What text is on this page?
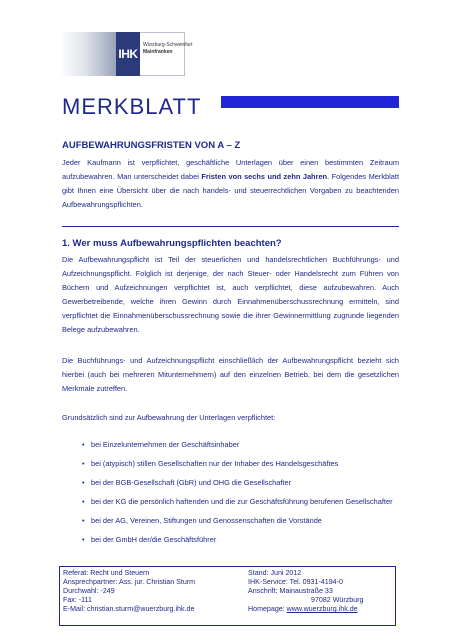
IHK
Würzburg-Schweinfurt
Mainfranken
MERKBLATT	Recht und Steuern
AUFBEWAHRUNGSFRISTEN VON A – Z
Jeder Kaufmann ist verpflichtet, geschäftliche Unterlagen über einen bestimmten Zeitraum aufzubewahren. Man unterscheidet dabei Fristen von sechs und zehn Jahren. Folgendes Merkblatt gibt Ihnen eine Übersicht über die nach handels- und steuerrechtlichen Vorgaben zu beachtenden Aufbewahrungspflichten.
1. Wer muss Aufbewahrungspflichten beachten?
Die Aufbewahrungspflicht ist Teil der steuerlichen und handelsrechtlichen Buchführungs- und Aufzeichnungspflicht. Folglich ist derjenige, der nach Steuer- oder Handelsrecht zum Führen von Büchern und Aufzeichnungen verpflichtet ist, auch verpflichtet, diese aufzubewahren. Auch Gewerbetreibende, welche ihren Gewinn durch Einnahmenüberschussrechnung ermitteln, sind verpflichtet die Einnahmenüberschussrechnung sowie die ihrer Gewinnermittlung zugrunde liegenden Belege aufzubewahren.
Die Buchführungs- und Aufzeichnungspflicht einschließlich der Aufbewahrungspflicht bezieht sich hierbei (auch bei mehreren Mitunternehmern) auf den einzelnen Betrieb, bei dem die gesetzlichen Merkmale zutreffen.
Grundsätzlich sind zur Aufbewahrung der Unterlagen verpflichtet:
• bei Einzelunternehmen der Geschäftsinhaber
• bei (atypisch) stillen Gesellschaften nur der Inhaber des Handelsgeschäftes
• bei der BGB-Gesellschaft (GbR) und OHG die Gesellschafter
• bei der KG die persönlich haftenden und die zur Geschäftsführung berufenen Gesellschafter
• bei der AG, Vereinen, Stiftungen und Genossenschaften die Vorstände
• bei der GmbH der/die Geschäftsführer
Referat: Recht und Steuern
Ansprechpartner: Ass. jur. Christian Sturm
Durchwahl: -249
Fax: -111
E-Mail: christian.sturm@wuerzburg.ihk.de
Stand: Juni 2012
IHK-Service: Tel. 0931-4194-0
Anschrift: Mainaustraße 33
97082 Würzburg
Homepage: www.wuerzburg.ihk.de
